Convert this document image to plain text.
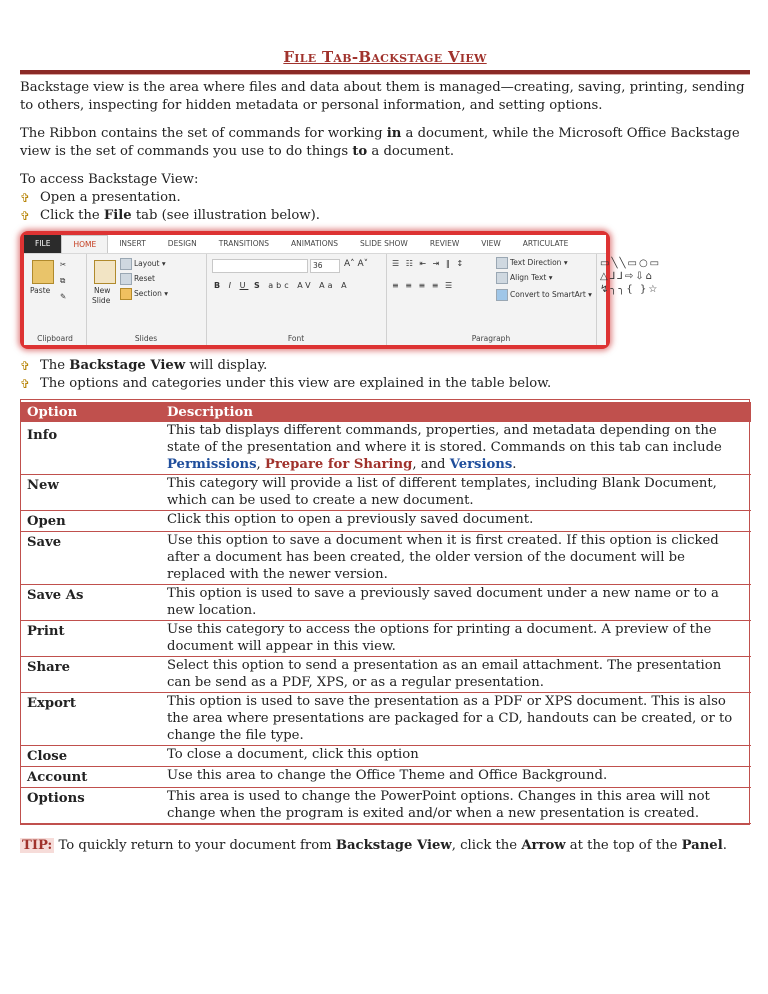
File Tab-Backstage View

Backstage view is the area where files and data about them is managed—creating, saving, printing, sending to others, inspecting for hidden metadata or personal information, and setting options.

The Ribbon contains the set of commands for working in a document, while the Microsoft Office Backstage view is the set of commands you use to do things to a document.

To access Backstage View:
✞ Open a presentation.
✞ Click the File tab (see illustration below).
FILE	HOME	INSERT	DESIGN	TRANSITIONS	ANIMATIONS	SLIDE SHOW	REVIEW	VIEW	ARTICULATE
Paste
✂
⧉
✎
Clipboard
New
Slide
Layout ▾
Reset
Section ▾
Slides
36	A˄ A˅
B I U S abc AV Aa A
Font
☰ ☷ ⇤ ⇥ ‖ ↕
≡ ≡ ≡ ≡ ☰
Text Direction ▾
Align Text ▾
Convert to SmartArt ▾
Paragraph
▭╲╲▭○▭
△⅃⅃⇨⇩⌂
↯╮╮{ }☆
✞ The Backstage View will display.
✞ The options and categories under this view are explained in the table below.
Option	Description
Info	This tab displays different commands, properties, and metadata depending on the state of the presentation and where it is stored. Commands on this tab can include Permissions, Prepare for Sharing, and Versions.
New	This category will provide a list of different templates, including Blank Document, which can be used to create a new document.
Open	Click this option to open a previously saved document.
Save	Use this option to save a document when it is first created. If this option is clicked after a document has been created, the older version of the document will be replaced with the newer version.
Save As	This option is used to save a previously saved document under a new name or to a new location.
Print	Use this category to access the options for printing a document. A preview of the document will appear in this view.
Share	Select this option to send a presentation as an email attachment. The presentation can be send as a PDF, XPS, or as a regular presentation.
Export	This option is used to save the presentation as a PDF or XPS document. This is also the area where presentations are packaged for a CD, handouts can be created, or to change the file type.
Close	To close a document, click this option
Account	Use this area to change the Office Theme and Office Background.
Options	This area is used to change the PowerPoint options. Changes in this area will not change when the program is exited and/or when a new presentation is created.
TIP: To quickly return to your document from Backstage View, click the Arrow at the top of the Panel.
